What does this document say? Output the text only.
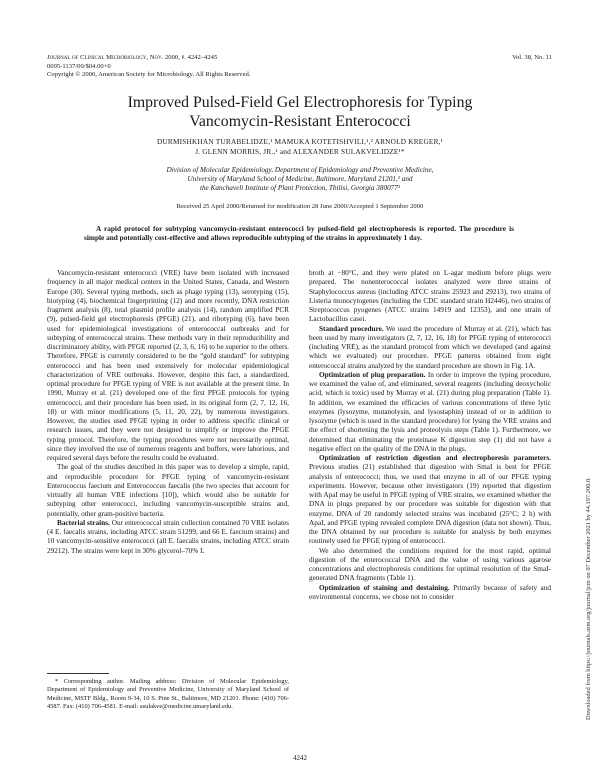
Journal of Clinical Microbiology, Nov. 2000, p. 4242–4245
0095-1137/00/$04.00+0
Copyright © 2000, American Society for Microbiology. All Rights Reserved.
Vol. 38, No. 11
Improved Pulsed-Field Gel Electrophoresis for Typing
Vancomycin-Resistant Enterococci
DURMISHKHAN TURABELIDZE,¹ MAMUKA KOTETISHVILI,¹,² ARNOLD KREGER,¹
J. GLENN MORRIS, JR.,¹ and ALEXANDER SULAKVELIDZE¹*
Division of Molecular Epidemiology, Department of Epidemiology and Preventive Medicine,
University of Maryland School of Medicine, Baltimore, Maryland 21201,¹ and
the Kanchaveli Institute of Plant Protection, Tbilisi, Georgia 380077²
Received 25 April 2000/Returned for modification 28 June 2000/Accepted 1 September 2000
A rapid protocol for subtyping vancomycin-resistant enterococci by pulsed-field gel electrophoresis is reported. The procedure is simple and potentially cost-effective and allows reproducible subtyping of the strains in approximately 1 day.

Vancomycin-resistant enterococci (VRE) have been isolated with increased frequency in all major medical centers in the United States, Canada, and Western Europe (30). Several typing methods, such as phage typing (13), serotyping (15), biotyping (4), biochemical fingerprinting (12) and more recently, DNA restriction fragment analysis (8), total plasmid profile analysis (14), random amplified PCR (9), pulsed-field gel electrophoresis (PFGE) (21), and ribotyping (6), have been used for epidemiological investigations of enterococcal outbreaks and for subtyping of enterococcal strains. These methods vary in their reproducibility and discriminatory ability, with PFGE reported (2, 3, 6, 16) to be superior to the others. Therefore, PFGE is currently considered to be the “gold standard” for subtyping enterococci and has been used extensively for molecular epidemiological characterization of VRE outbreaks. However, despite this fact, a standardized, optimal procedure for PFGE typing of VRE is not available at the present time. In 1990, Murray et al. (21) developed one of the first PFGE protocols for typing enterococci, and their procedure has been used, in its original form (2, 7, 12, 16, 18) or with minor modifications (5, 11, 20, 22), by numerous investigators. However, the studies used PFGE typing in order to address specific clinical or research issues, and they were not designed to simplify or improve the PFGE typing protocol. Therefore, the typing procedures were not necessarily optimal, since they involved the use of numerous reagents and buffers, were laborious, and required several days before the results could be evaluated.

The goal of the studies described in this paper was to develop a simple, rapid, and reproducible procedure for PFGE typing of vancomycin-resistant Enterococcus faecium and Enterococcus faecalis (the two species that account for virtually all human VRE infections [10]), which would also be suitable for subtyping other enterococci, including vancomycin-susceptible strains and, potentially, other gram-positive bacteria.

Bacterial strains. Our enterococcal strain collection contained 70 VRE isolates (4 E. faecalis strains, including ATCC strain 51299, and 66 E. faecium strains) and 10 vancomycin-sensitive enterococci (all E. faecalis strains, including ATCC strain 29212). The strains were kept in 30% glycerol–70% L

* Corresponding author. Mailing address: Division of Molecular Epidemiology, Department of Epidemiology and Preventive Medicine, University of Maryland School of Medicine, MSTF Bldg., Room 9-34, 10 S. Pine St., Baltimore, MD 21201. Phone: (410) 706-4587. Fax: (410) 706-4581. E-mail: asulakve@medicine.umaryland.edu.

broth at −80°C, and they were plated on L-agar medium before plugs were prepared. The nonenterococcal isolates analyzed were three strains of Staphylococcus aureus (including ATCC strains 25923 and 29213), two strains of Listeria monocytogenes (including the CDC standard strain H2446), two strains of Streptococcus pyogenes (ATCC strains 14919 and 12353), and one strain of Lactobacillus casei.

Standard procedure. We used the procedure of Murray et al. (21), which has been used by many investigators (2, 7, 12, 16, 18) for PFGE typing of enterococci (including VRE), as the standard protocol from which we developed (and against which we evaluated) our procedure. PFGE patterns obtained from eight enterococcal strains analyzed by the standard procedure are shown in Fig. 1A.

Optimization of plug preparation. In order to improve the typing procedure, we examined the value of, and eliminated, several reagents (including deoxycholic acid, which is toxic) used by Murray et al. (21) during plug preparation (Table 1). In addition, we examined the efficacies of various concentrations of three lytic enzymes (lysozyme, mutanolysin, and lysostaphin) instead of or in addition to lysozyme (which is used in the standard procedure) for lysing the VRE strains and the effect of shortening the lysis and proteolysis steps (Table 1). Furthermore, we determined that eliminating the proteinase K digestion step (1) did not have a negative effect on the quality of the DNA in the plugs.

Optimization of restriction digestion and electrophoresis parameters. Previous studies (21) established that digestion with SmaI is best for PFGE analysis of enterococci; thus, we used that enzyme in all of our PFGE typing experiments. However, because other investigators (19) reported that digestion with ApaI may be useful in PFGE typing of VRE strains, we examined whether the DNA in plugs prepared by our procedure was suitable for digestion with that enzyme. DNA of 20 randomly selected strains was incubated (25°C; 2 h) with ApaI, and PFGE typing revealed complete DNA digestion (data not shown). Thus, the DNA obtained by our procedure is suitable for analysis by both enzymes routinely used for PFGE typing of enterococci.

We also determined the conditions required for the most rapid, optimal digestion of the enterococcal DNA and the value of using various agarose concentrations and electrophoresis conditions for optimal resolution of the SmaI-generated DNA fragments (Table 1).

Optimization of staining and destaining. Primarily because of safety and environmental concerns, we chose not to consider

4242
Downloaded from https://journals.asm.org/journal/jcm on 07 December 2021 by 44.197.200.0.
